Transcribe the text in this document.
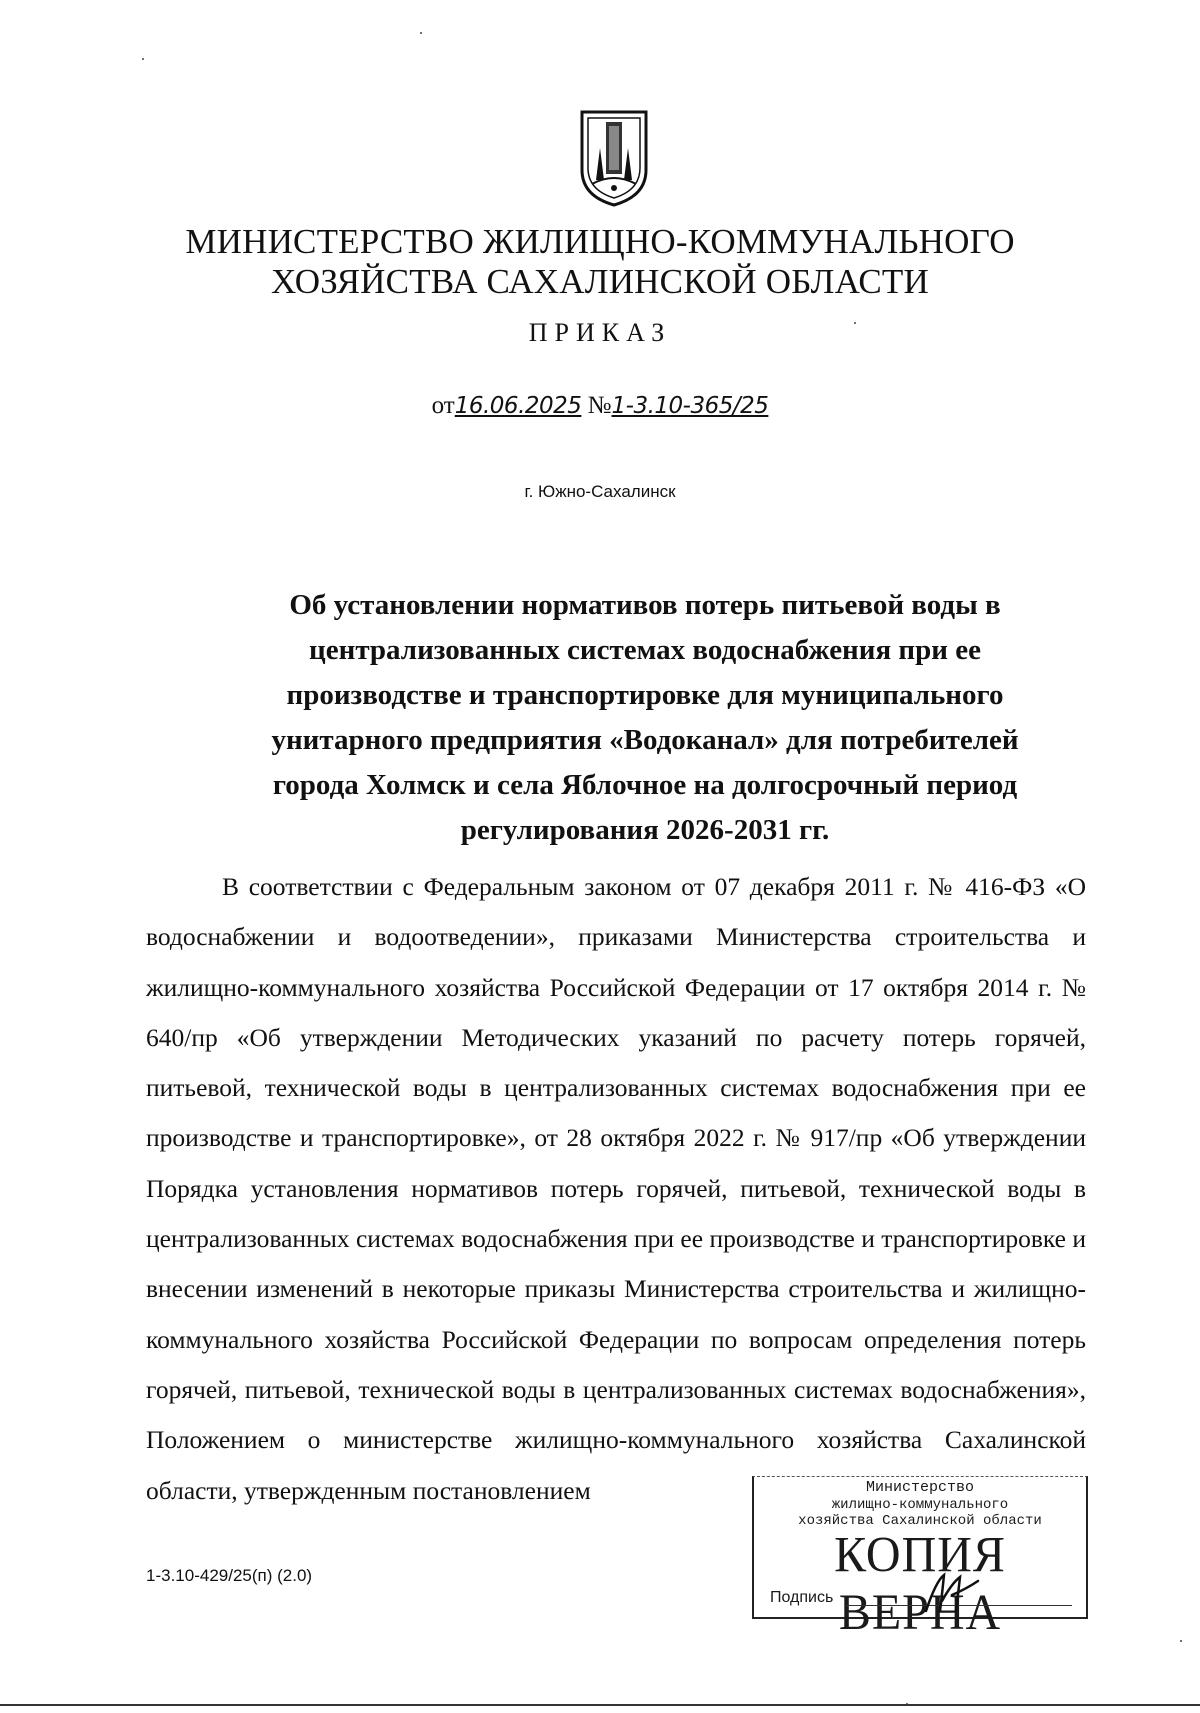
МИНИСТЕРСТВО ЖИЛИЩНО-КОММУНАЛЬНОГО
ХОЗЯЙСТВА САХАЛИНСКОЙ ОБЛАСТИ
ПРИКАЗ
от16.06.2025 №1-3.10-365/25
г. Южно-Сахалинск
Об установлении нормативов потерь питьевой воды в
централизованных системах водоснабжения при ее
производстве и транспортировке для муниципального
унитарного предприятия «Водоканал» для потребителей
города Холмск и села Яблочное на долгосрочный период
регулирования 2026-2031 гг.
В соответствии с Федеральным законом от 07 декабря 2011 г. № 416-ФЗ «О водоснабжении и водоотведении», приказами Министерства строительства и жилищно-коммунального хозяйства Российской Федерации от 17 октября 2014 г. № 640/пр «Об утверждении Методических указаний по расчету потерь горячей, питьевой, технической воды в централизованных системах водоснабжения при ее производстве и транспортировке», от 28 октября 2022 г. № 917/пр «Об утверждении Порядка установления нормативов потерь горячей, питьевой, технической воды в централизованных системах водоснабжения при ее производстве и транспортировке и внесении изменений в некоторые приказы Министерства строительства и жилищно-коммунального хозяйства Российской Федерации по вопросам определения потерь горячей, питьевой, технической воды в централизованных системах водоснабжения», Положением о министерстве жилищно-коммунального хозяйства Сахалинской области, утвержденным постановлением
1-3.10-429/25(п) (2.0)
Министерство
жилищно-коммунального
хозяйства Сахалинской области
КОПИЯ ВЕРНА
Подпись
